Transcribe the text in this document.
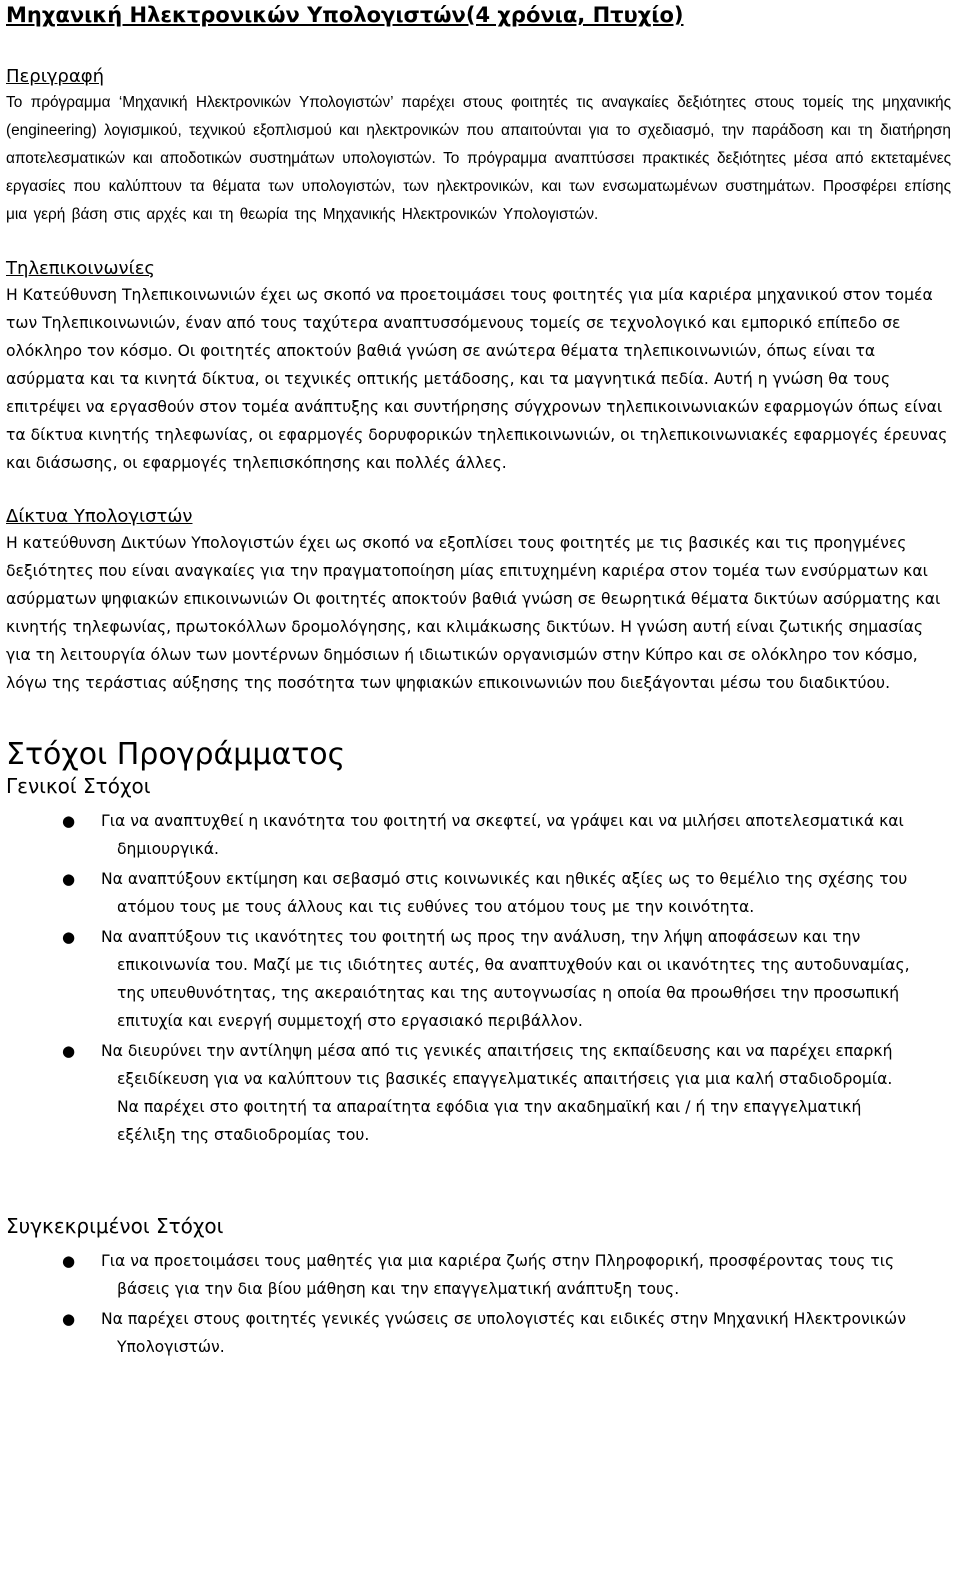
Μηχανική Ηλεκτρονικών Υπολογιστών(4 χρόνια, Πτυχίο)
Περιγραφή

Το πρόγραμμα ‘Μηχανική Ηλεκτρονικών Υπολογιστών’ παρέχει στους φοιτητές τις αναγκαίες δεξιότητες στους τομείς της μηχανικής (engineering) λογισμικού, τεχνικού εξοπλισμού και ηλεκτρονικών που απαιτούνται για το σχεδιασμό, την παράδοση και τη διατήρηση αποτελεσματικών και αποδοτικών συστημάτων υπολογιστών. Το πρόγραμμα αναπτύσσει πρακτικές δεξιότητες μέσα από εκτεταμένες εργασίες που καλύπτουν τα θέματα των υπολογιστών, των ηλεκτρονικών, και των ενσωματωμένων συστημάτων. Προσφέρει επίσης μια γερή βάση στις αρχές και τη θεωρία της Μηχανικής Ηλεκτρονικών Υπολογιστών.

Τηλεπικοινωνίες

Η Κατεύθυνση Τηλεπικοινωνιών έχει ως σκοπό να προετοιμάσει τους φοιτητές για μία καριέρα μηχανικού στον τομέα των Τηλεπικοινωνιών, έναν από τους ταχύτερα αναπτυσσόμενους τομείς σε τεχνολογικό και εμπορικό επίπεδο σε ολόκληρο τον κόσμο. Οι φοιτητές αποκτούν βαθιά γνώση σε ανώτερα θέματα τηλεπικοινωνιών, όπως είναι τα ασύρματα και τα κινητά δίκτυα, οι τεχνικές οπτικής μετάδοσης, και τα μαγνητικά πεδία. Αυτή η γνώση θα τους επιτρέψει να εργασθούν στον τομέα ανάπτυξης και συντήρησης σύγχρονων τηλεπικοινωνιακών εφαρμογών όπως είναι τα δίκτυα κινητής τηλεφωνίας, οι εφαρμογές δορυφορικών τηλεπικοινωνιών, οι τηλεπικοινωνιακές εφαρμογές έρευνας και διάσωσης, οι εφαρμογές τηλεπισκόπησης και πολλές άλλες.

Δίκτυα Υπολογιστών

Η κατεύθυνση Δικτύων Υπολογιστών έχει ως σκοπό να εξοπλίσει τους φοιτητές με τις βασικές και τις προηγμένες δεξιότητες που είναι αναγκαίες για την πραγματοποίηση μίας επιτυχημένη καριέρα στον τομέα των ενσύρματων και ασύρματων ψηφιακών επικοινωνιών Οι φοιτητές αποκτούν βαθιά γνώση σε θεωρητικά θέματα δικτύων ασύρματης και κινητής τηλεφωνίας, πρωτοκόλλων δρομολόγησης, και κλιμάκωσης δικτύων. Η γνώση αυτή είναι ζωτικής σημασίας για τη λειτουργία όλων των μοντέρνων δημόσιων ή ιδιωτικών οργανισμών στην Κύπρο και σε ολόκληρο τον κόσμο, λόγω της τεράστιας αύξησης της ποσότητα των ψηφιακών επικοινωνιών που διεξάγονται μέσω του διαδικτύου.

Στόχοι Προγράμματος
Γενικοί Στόχοι
● Για να αναπτυχθεί η ικανότητα του φοιτητή να σκεφτεί, να γράψει και να μιλήσει αποτελεσματικά και δημιουργικά.
● Να αναπτύξουν εκτίμηση και σεβασμό στις κοινωνικές και ηθικές αξίες ως το θεμέλιο της σχέσης του ατόμου τους με τους άλλους και τις ευθύνες του ατόμου τους με την κοινότητα.
● Να αναπτύξουν τις ικανότητες του φοιτητή ως προς την ανάλυση, την λήψη αποφάσεων και την επικοινωνία του. Μαζί με τις ιδιότητες αυτές, θα αναπτυχθούν και οι ικανότητες της αυτοδυναμίας, της υπευθυνότητας, της ακεραιότητας και της αυτογνωσίας η οποία θα προωθήσει την προσωπική επιτυχία και ενεργή συμμετοχή στο εργασιακό περιβάλλον.
● Να διευρύνει την αντίληψη μέσα από τις γενικές απαιτήσεις της εκπαίδευσης και να παρέχει επαρκή εξειδίκευση για να καλύπτουν τις βασικές επαγγελματικές απαιτήσεις για μια καλή σταδιοδρομία. Να παρέχει στο φοιτητή τα απαραίτητα εφόδια για την ακαδημαϊκή και / ή την επαγγελματική εξέλιξη της σταδιοδρομίας του.
Συγκεκριμένοι Στόχοι
● Για να προετοιμάσει τους μαθητές για μια καριέρα ζωής στην Πληροφορική, προσφέροντας τους τις βάσεις για την δια βίου μάθηση και την επαγγελματική ανάπτυξη τους.
● Να παρέχει στους φοιτητές γενικές γνώσεις σε υπολογιστές και ειδικές στην Μηχανική Ηλεκτρονικών Υπολογιστών.
